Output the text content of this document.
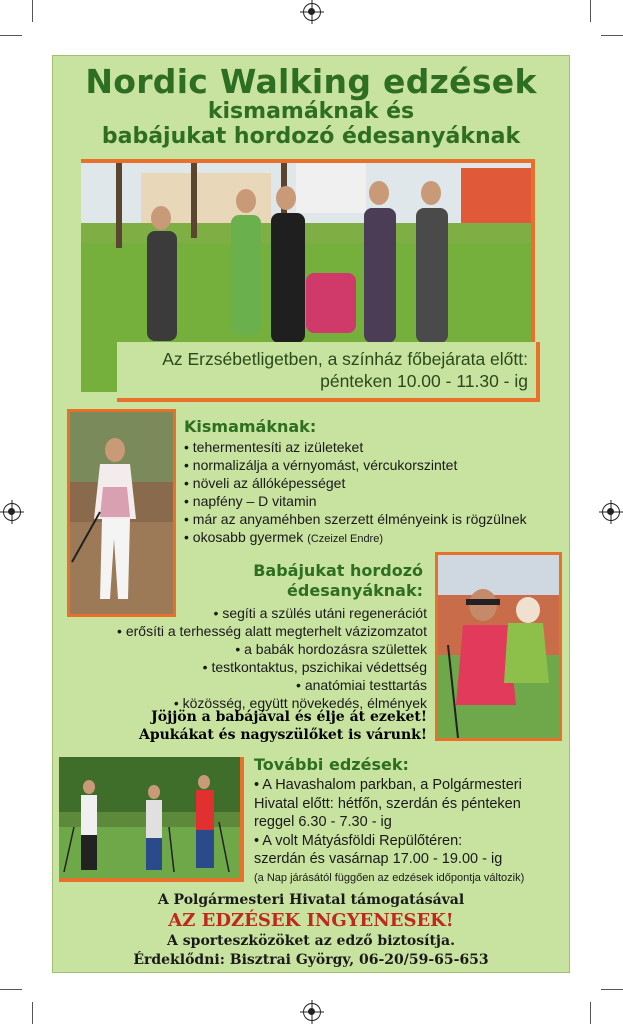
Nordic Walking edzések
kismamáknak és
babájukat hordozó édesanyáknak
Az Erzsébetligetben, a színház főbejárata előtt:
pénteken 10.00 - 11.30 - ig
Kismamáknak:
• tehermentesíti az izületeket
• normalizálja a vérnyomást, vércukorszintet
• növeli az állóképességet
• napfény – D vitamin
• már az anyaméhben szerzett élményeink is rögzülnek
• okosabb gyermek (Czeizel Endre)
Babájukat hordozó
édesanyáknak:
• segíti a szülés utáni regenerációt
• erősíti a terhesség alatt megterhelt vázizomzatot
• a babák hordozásra születtek
• testkontaktus, pszichikai védettség
• anatómiai testtartás
• közösség, együtt növekedés, élmények
Jöjjön a babájával és élje át ezeket!
Apukákat és nagyszülőket is várunk!
További edzések:
• A Havashalom parkban, a Polgármesteri
Hivatal előtt: hétfőn, szerdán és pénteken
reggel 6.30 - 7.30 - ig
• A volt Mátyásföldi Repülőtéren:
szerdán és vasárnap 17.00 - 19.00 - ig
(a Nap járásától függően az edzések időpontja változik)
A Polgármesteri Hivatal támogatásával
AZ EDZÉSEK INGYENESEK!
A sporteszközöket az edző biztosítja.
Érdeklődni: Bisztrai György, 06-20/59-65-653
